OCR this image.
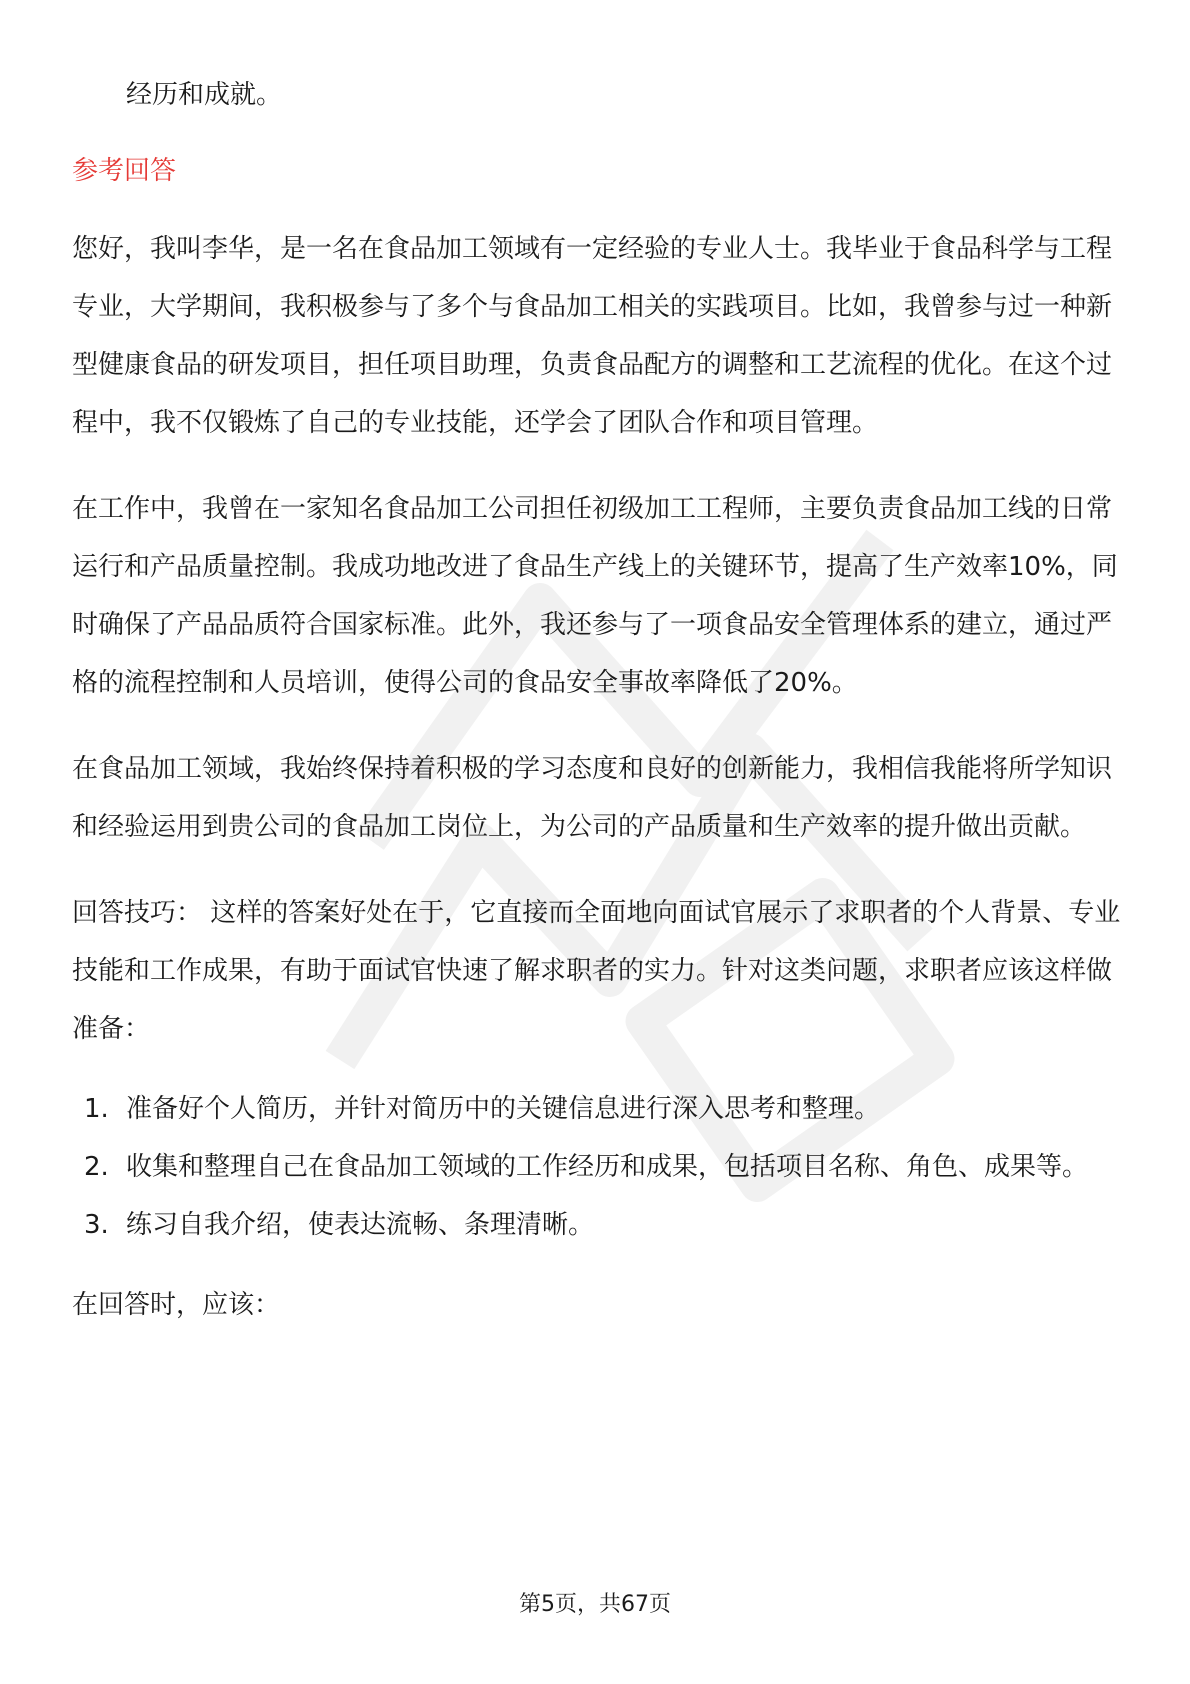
经历和成就。

参考回答

您好，我叫李华，是一名在食品加工领域有一定经验的专业人士。我毕业于食品科学与工程专业，大学期间，我积极参与了多个与食品加工相关的实践项目。比如，我曾参与过一种新型健康食品的研发项目，担任项目助理，负责食品配方的调整和工艺流程的优化。在这个过程中，我不仅锻炼了自己的专业技能，还学会了团队合作和项目管理。

在工作中，我曾在一家知名食品加工公司担任初级加工工程师，主要负责食品加工线的日常运行和产品质量控制。我成功地改进了食品生产线上的关键环节，提高了生产效率10%，同时确保了产品品质符合国家标准。此外，我还参与了一项食品安全管理体系的建立，通过严格的流程控制和人员培训，使得公司的食品安全事故率降低了20%。

在食品加工领域，我始终保持着积极的学习态度和良好的创新能力，我相信我能将所学知识和经验运用到贵公司的食品加工岗位上，为公司的产品质量和生产效率的提升做出贡献。

回答技巧： 这样的答案好处在于，它直接而全面地向面试官展示了求职者的个人背景、专业技能和工作成果，有助于面试官快速了解求职者的实力。针对这类问题，求职者应该这样做准备：

1. 准备好个人简历，并针对简历中的关键信息进行深入思考和整理。
2. 收集和整理自己在食品加工领域的工作经历和成果，包括项目名称、角色、成果等。
3. 练习自我介绍，使表达流畅、条理清晰。

在回答时，应该：

第5页，共67页
